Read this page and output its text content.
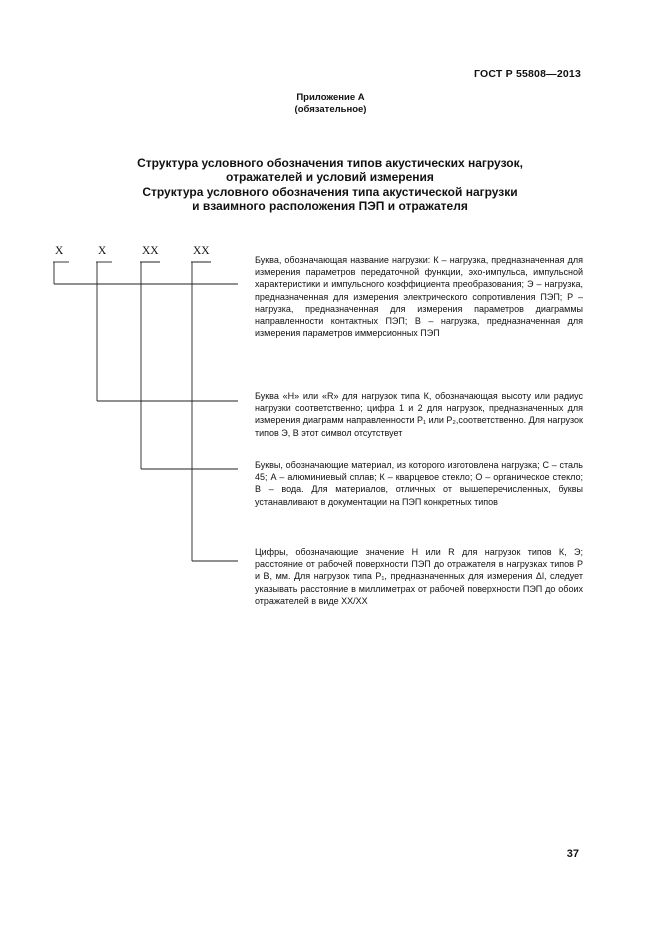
ГОСТ Р 55808—2013
Приложение А
(обязательное)
Структура условного обозначения типов акустических нагрузок,
отражателей и условий измерения
Структура условного обозначения типа акустической нагрузки
и взаимного расположения ПЭП и отражателя
X	X	XX	XX

Буква, обозначающая название нагрузки: К – нагрузка, предназначенная для измерения параметров передаточной функции, эхо-импульса, импульсной характеристики и импульсного коэффициента преобразования; Э – нагрузка, предназначенная для измерения электрического сопротивления ПЭП; Р – нагрузка, предназначенная для измерения параметров диаграммы направленности контактных ПЭП; В – нагрузка, предназначенная для измерения параметров иммерсионных ПЭП

Буква «Н» или «R» для нагрузок типа К, обозначающая высоту или радиус нагрузки соответственно; цифра 1 и 2 для нагрузок, предназначенных для измерения диаграмм направленности Р₁ или Р₂,соответственно. Для нагрузок типов Э, В этот символ отсутствует

Буквы, обозначающие материал, из которого изготовлена нагрузка; С – сталь 45; А – алюминиевый сплав; К – кварцевое стекло; О – органическое стекло; В – вода. Для материалов, отличных от вышеперечисленных, буквы устанавливают в документации на ПЭП конкретных типов

Цифры, обозначающие значение Н или R для нагрузок типов К, Э; расстояние от рабочей поверхности ПЭП до отражателя в нагрузках типов Р и В, мм. Для нагрузок типа Р₁, предназначенных для измерения Δl, следует указывать расстояние в миллиметрах от рабочей поверхности ПЭП до обоих отражателей в виде XX/XX

37
